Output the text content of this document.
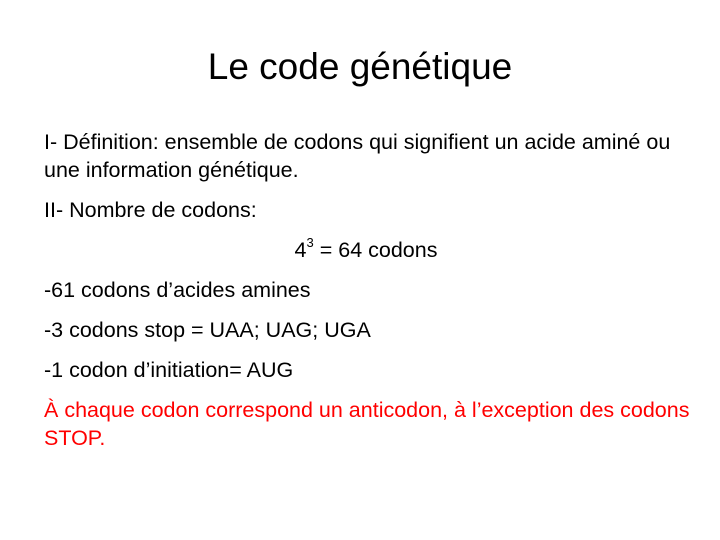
Le code génétique

I- Définition: ensemble de codons qui signifient un acide aminé ou une information génétique.

II- Nombre de codons:

$4^3 = 64$ codons

-61 codons d’acides amines

-3 codons stop = UAA; UAG; UGA

-1 codon d’initiation= AUG

À chaque codon correspond un anticodon, à l’exception des codons STOP.
